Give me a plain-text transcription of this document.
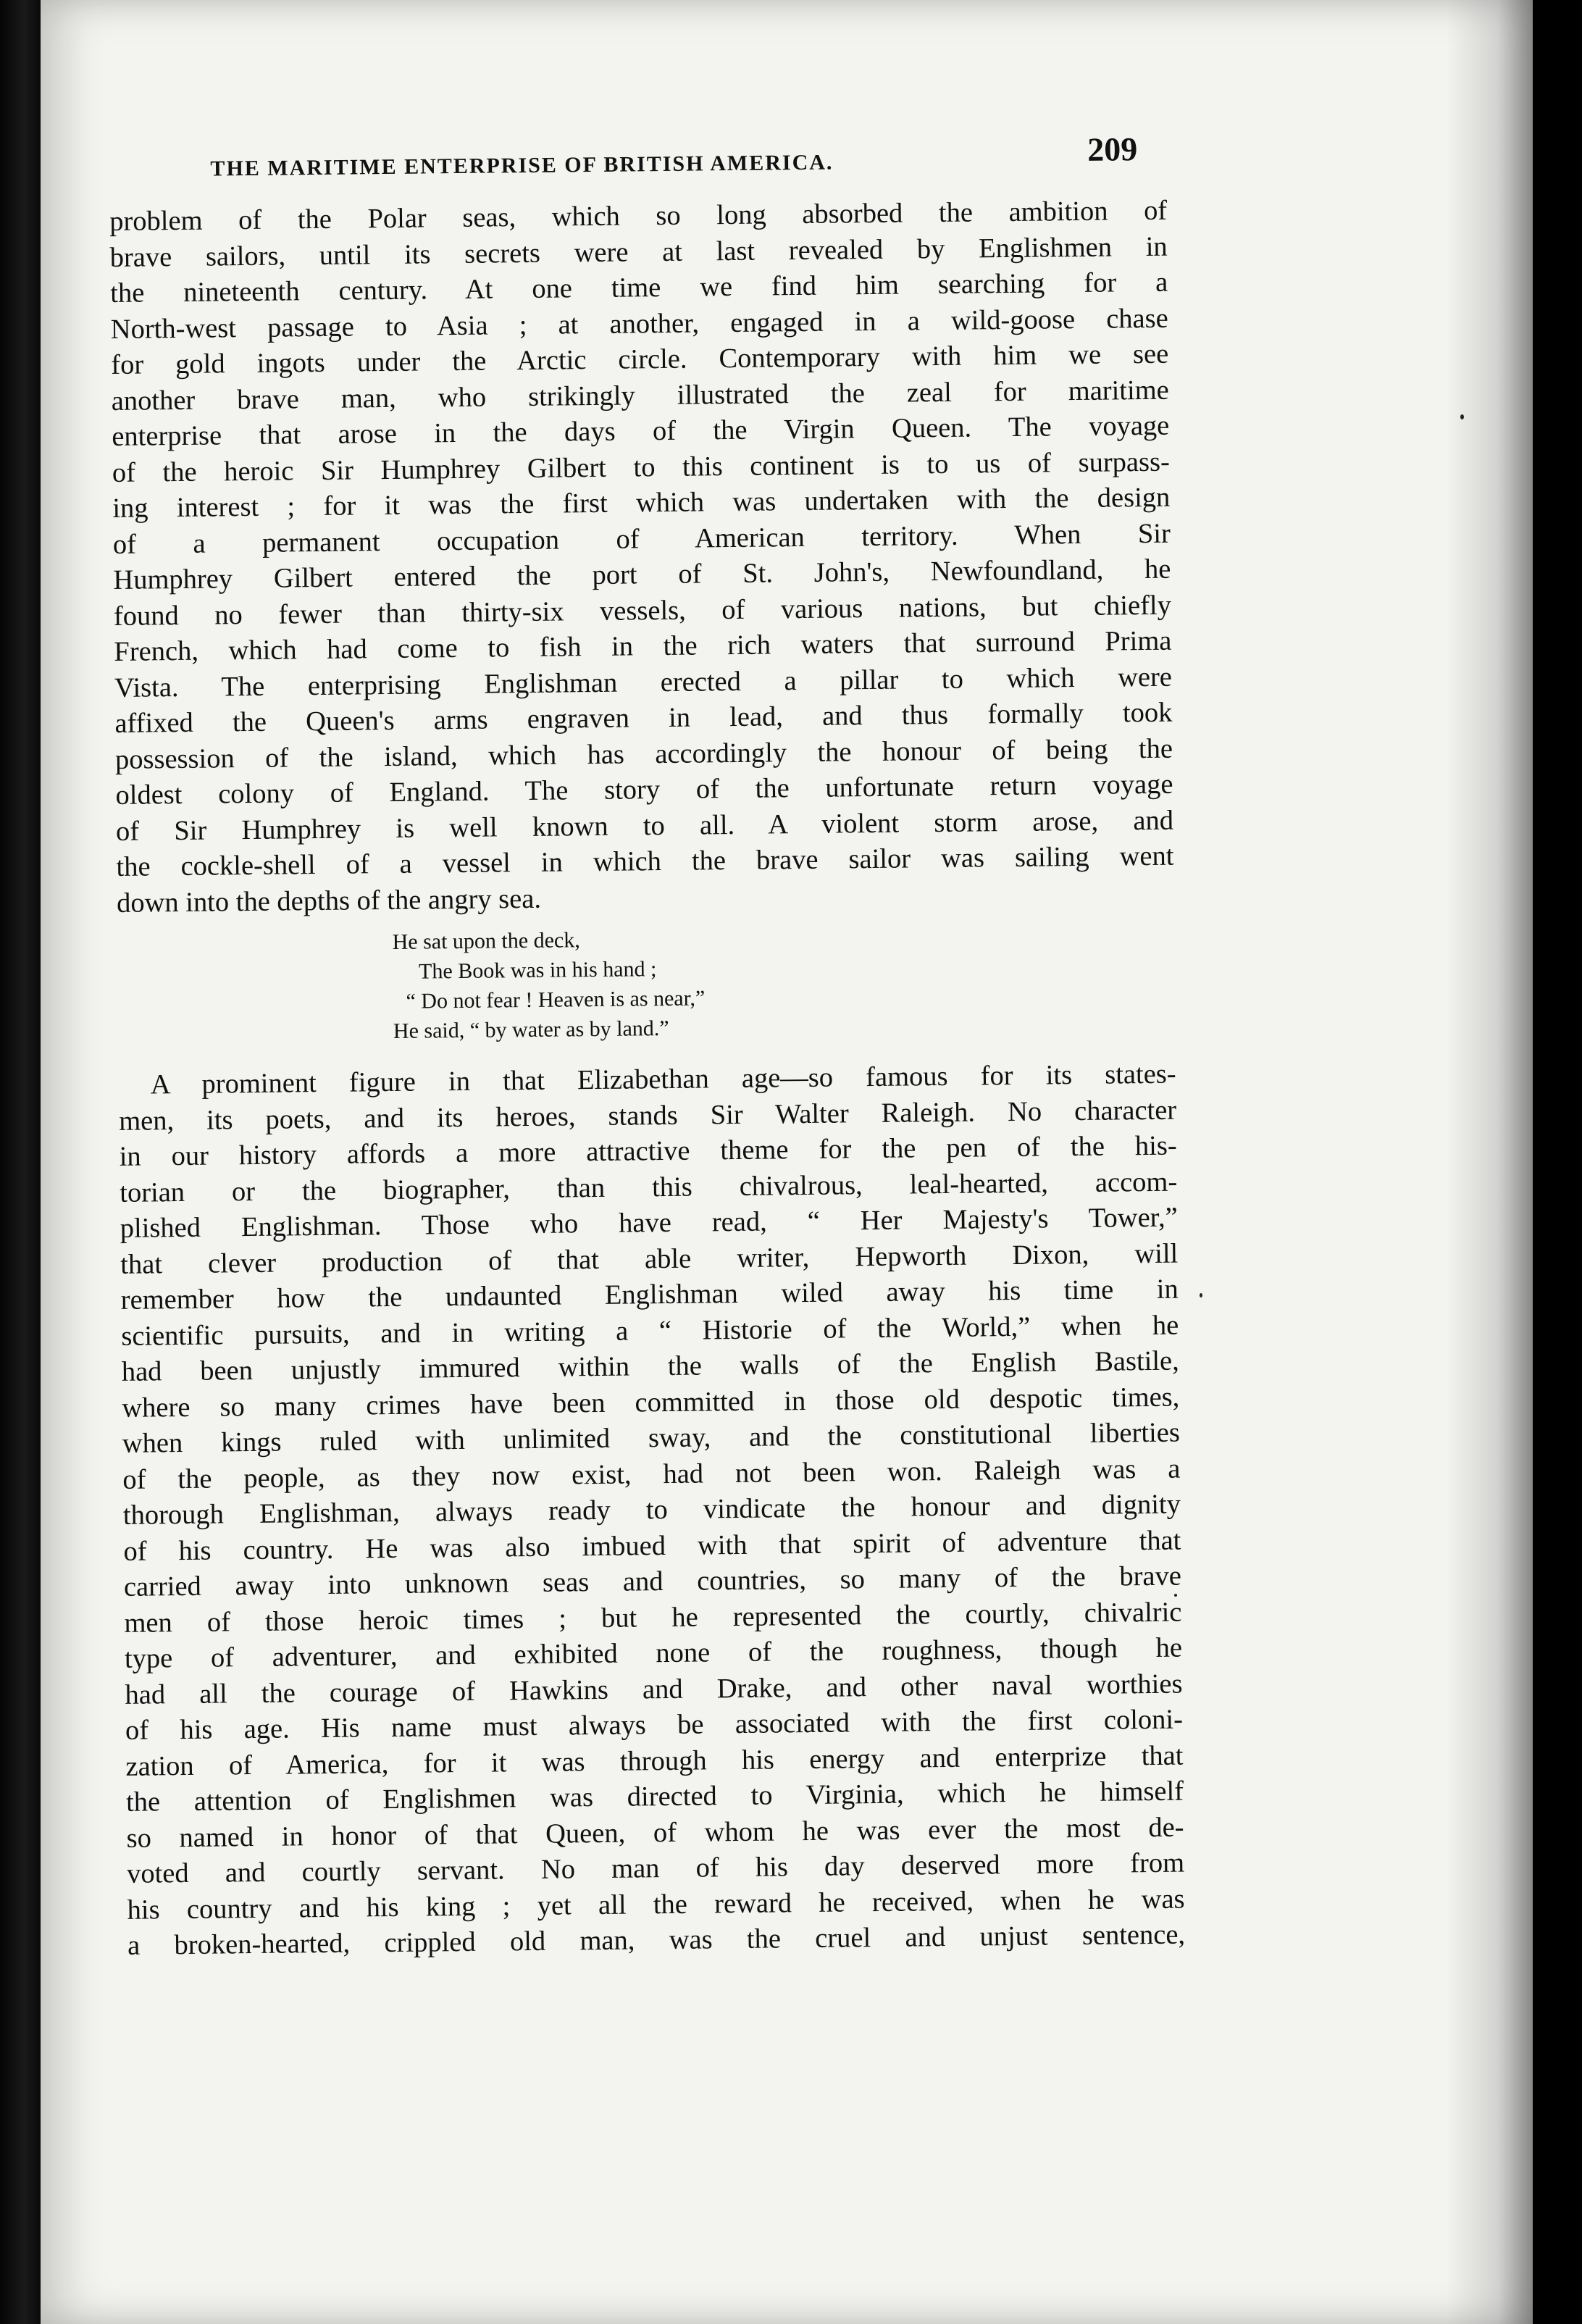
THE MARITIME ENTERPRISE OF BRITISH AMERICA.	209
problem of the Polar seas, which so long absorbed the ambition of
brave sailors, until its secrets were at last revealed by Englishmen in
the nineteenth century. At one time we find him searching for a
North-west passage to Asia ; at another, engaged in a wild-goose chase
for gold ingots under the Arctic circle. Contemporary with him we see
another brave man, who strikingly illustrated the zeal for maritime
enterprise that arose in the days of the Virgin Queen. The voyage
of the heroic Sir Humphrey Gilbert to this continent is to us of surpass-
ing interest ; for it was the first which was undertaken with the design
of a permanent occupation of American territory. When Sir
Humphrey Gilbert entered the port of St. John's, Newfoundland, he
found no fewer than thirty-six vessels, of various nations, but chiefly
French, which had come to fish in the rich waters that surround Prima
Vista. The enterprising Englishman erected a pillar to which were
affixed the Queen's arms engraven in lead, and thus formally took
possession of the island, which has accordingly the honour of being the
oldest colony of England. The story of the unfortunate return voyage
of Sir Humphrey is well known to all. A violent storm arose, and
the cockle-shell of a vessel in which the brave sailor was sailing went
down into the depths of the angry sea.
He sat upon the deck,
The Book was in his hand ;
“ Do not fear ! Heaven is as near,”
He said, “ by water as by land.”
A prominent figure in that Elizabethan age—so famous for its states-
men, its poets, and its heroes, stands Sir Walter Raleigh. No character
in our history affords a more attractive theme for the pen of the his-
torian or the biographer, than this chivalrous, leal-hearted, accom-
plished Englishman. Those who have read, “ Her Majesty's Tower,”
that clever production of that able writer, Hepworth Dixon, will
remember how the undaunted Englishman wiled away his time in
scientific pursuits, and in writing a “ Historie of the World,” when he
had been unjustly immured within the walls of the English Bastile,
where so many crimes have been committed in those old despotic times,
when kings ruled with unlimited sway, and the constitutional liberties
of the people, as they now exist, had not been won. Raleigh was a
thorough Englishman, always ready to vindicate the honour and dignity
of his country. He was also imbued with that spirit of adventure that
carried away into unknown seas and countries, so many of the brave
men of those heroic times ; but he represented the courtly, chivalric
type of adventurer, and exhibited none of the roughness, though he
had all the courage of Hawkins and Drake, and other naval worthies
of his age. His name must always be associated with the first coloni-
zation of America, for it was through his energy and enterprize that
the attention of Englishmen was directed to Virginia, which he himself
so named in honor of that Queen, of whom he was ever the most de-
voted and courtly servant. No man of his day deserved more from
his country and his king ; yet all the reward he received, when he was
a broken-hearted, crippled old man, was the cruel and unjust sentence,
